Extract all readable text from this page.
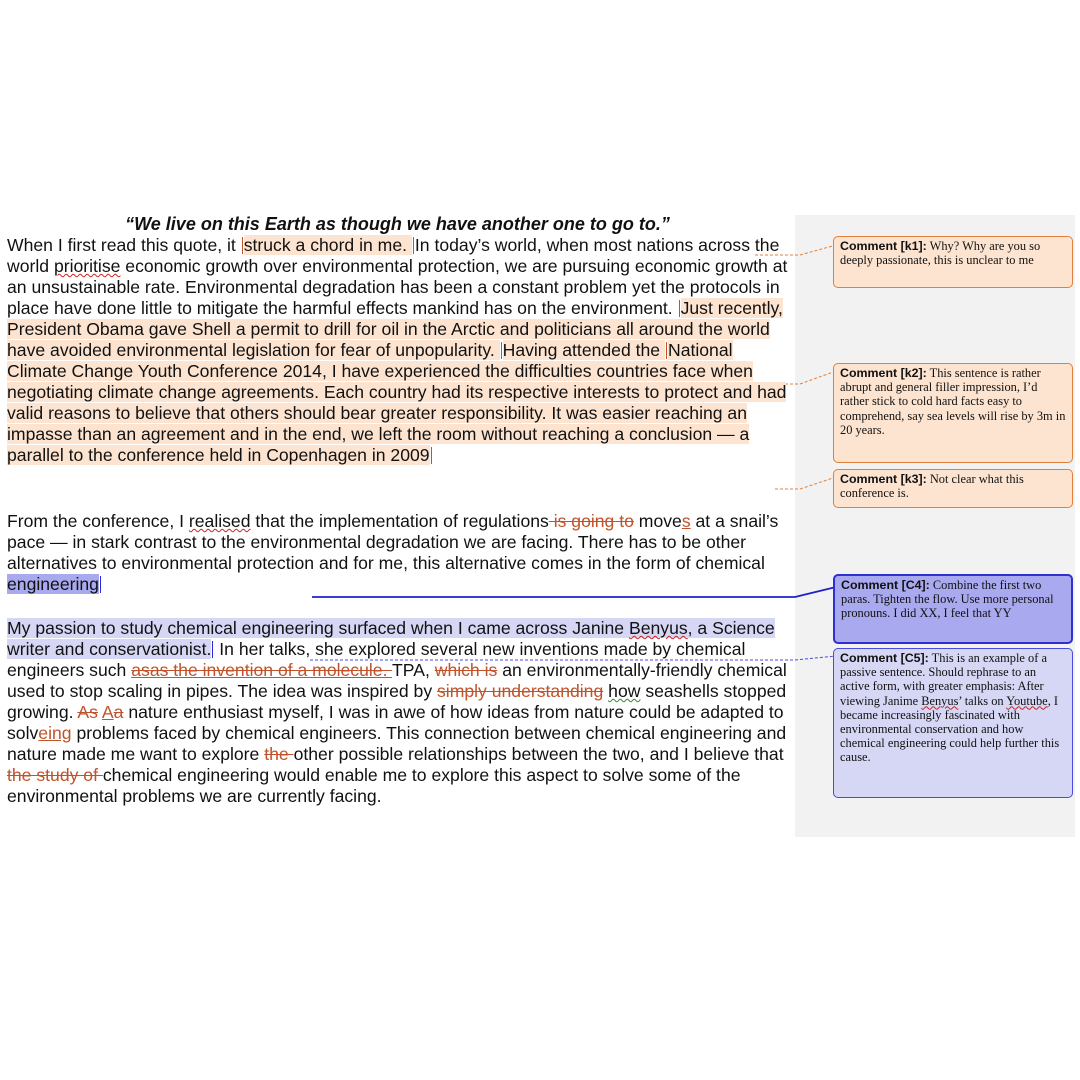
“We live on this Earth as though we have another one to go to.”

When I first read this quote, it struck a chord in me. In today’s world, when most nations across the world prioritise economic growth over environmental protection, we are pursuing economic growth at an unsustainable rate. Environmental degradation has been a constant problem yet the protocols in place have done little to mitigate the harmful effects mankind has on the environment. Just recently, President Obama gave Shell a permit to drill for oil in the Arctic and politicians all around the world have avoided environmental legislation for fear of unpopularity. Having attended the National Climate Change Youth Conference 2014, I have experienced the difficulties countries face when negotiating climate change agreements. Each country had its respective interests to protect and had valid reasons to believe that others should bear greater responsibility. It was easier reaching an impasse than an agreement and in the end, we left the room without reaching a conclusion — a parallel to the conference held in Copenhagen in 2009

From the conference, I realised that the implementation of regulations is going to moves at a snail’s pace — in stark contrast to the environmental degradation we are facing. There has to be other alternatives to environmental protection and for me, this alternative comes in the form of chemical engineering

My passion to study chemical engineering surfaced when I came across Janine Benyus, a Science writer and conservationist. In her talks, she explored several new inventions made by chemical engineers such asas the invention of a molecule. TPA, which is an environmentally-friendly chemical used to stop scaling in pipes. The idea was inspired by simply understanding how seashells stopped growing. As Aa nature enthusiast myself, I was in awe of how ideas from nature could be adapted to solveing problems faced by chemical engineers. This connection between chemical engineering and nature made me want to explore the other possible relationships between the two, and I believe that the study of chemical engineering would enable me to explore this aspect to solve some of the environmental problems we are currently facing.

Comment [k1]: Why? Why are you so deeply passionate, this is unclear to me
Comment [k2]: This sentence is rather abrupt and general filler impression, I’d rather stick to cold hard facts easy to comprehend, say sea levels will rise by 3m in 20 years.
Comment [k3]: Not clear what this conference is.
Comment [C4]: Combine the first two paras. Tighten the flow. Use more personal pronouns. I did XX, I feel that YY
Comment [C5]: This is an example of a passive sentence. Should rephrase to an active form, with greater emphasis: After viewing Janime Benyus’ talks on Youtube, I became increasingly fascinated with environmental conservation and how chemical engineering could help further this cause.
